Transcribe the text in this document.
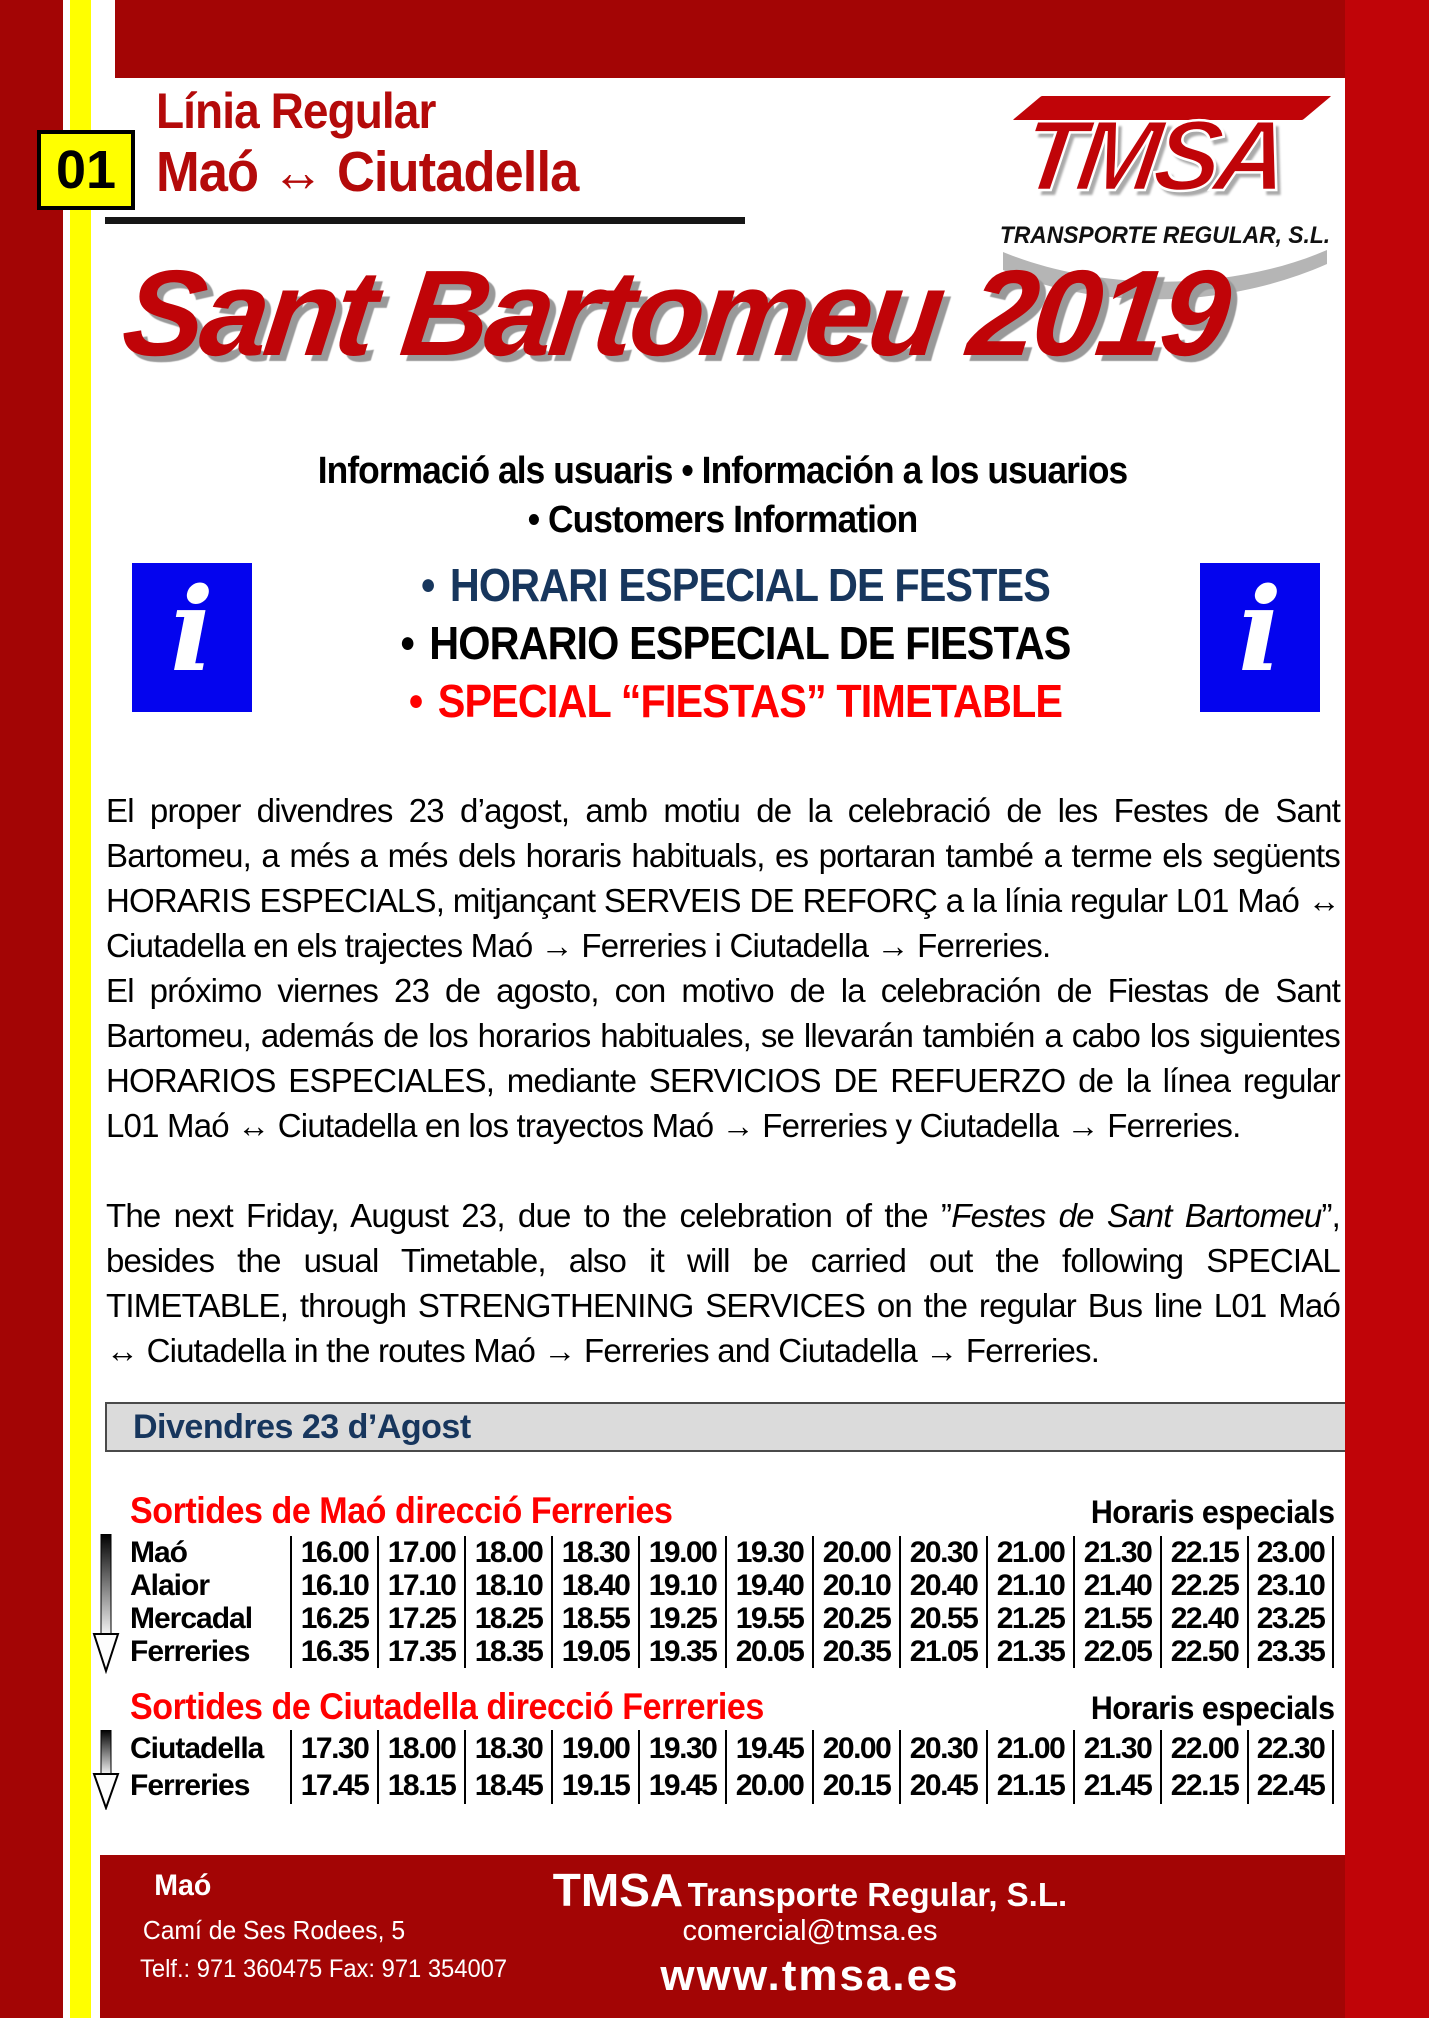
01
Línia Regular
Maó ↔ Ciutadella	TMSA
TRANSPORTE REGULAR, S.L.
Sant Bartomeu 2019
Informació als usuaris • Información a los usuarios
• Customers Information
i	i
● HORARI ESPECIAL DE FESTES
● HORARIO ESPECIAL DE FIESTAS
● SPECIAL “FIESTAS” TIMETABLE
El proper divendres 23 d’agost, amb motiu de la celebració de les Festes de Sant Bartomeu, a més a més dels horaris habituals, es portaran també a terme els següents HORARIS ESPECIALS, mitjançant SERVEIS DE REFORÇ a la línia regular L01 Maó ↔ Ciutadella en els trajectes Maó → Ferreries i Ciutadella → Ferreries.
El próximo viernes 23 de agosto, con motivo de la celebración de Fiestas de Sant Bartomeu, además de los horarios habituales, se llevarán también a cabo los siguientes HORARIOS ESPECIALES, mediante SERVICIOS DE REFUERZO de la línea regular L01 Maó ↔ Ciutadella en los trayectos Maó → Ferreries y Ciutadella → Ferreries.
The next Friday, August 23, due to the celebration of the ”Festes de Sant Bartomeu”, besides the usual Timetable, also it will be carried out the following SPECIAL TIMETABLE, through STRENGTHENING SERVICES on the regular Bus line L01 Maó ↔ Ciutadella in the routes Maó → Ferreries and Ciutadella → Ferreries.
Divendres 23 d’Agost
Sortides de Maó direcció Ferreries	Horaris especials
Maó	16.00 17.00 18.00 18.30 19.00 19.30 20.00 20.30 21.00 21.30 22.15 23.00
Alaior	16.10 17.10 18.10 18.40 19.10 19.40 20.10 20.40 21.10 21.40 22.25 23.10
Mercadal	16.25 17.25 18.25 18.55 19.25 19.55 20.25 20.55 21.25 21.55 22.40 23.25
Ferreries	16.35 17.35 18.35 19.05 19.35 20.05 20.35 21.05 21.35 22.05 22.50 23.35
Sortides de Ciutadella direcció Ferreries	Horaris especials
Ciutadella	17.30 18.00 18.30 19.00 19.30 19.45 20.00 20.30 21.00 21.30 22.00 22.30
Ferreries	17.45 18.15 18.45 19.15 19.45 20.00 20.15 20.45 21.15 21.45 22.15 22.45
Maó
Camí de Ses Rodees, 5
Telf.: 971 360475 Fax: 971 354007
TMSA Transporte Regular, S.L.
comercial@tmsa.es
www.tmsa.es
